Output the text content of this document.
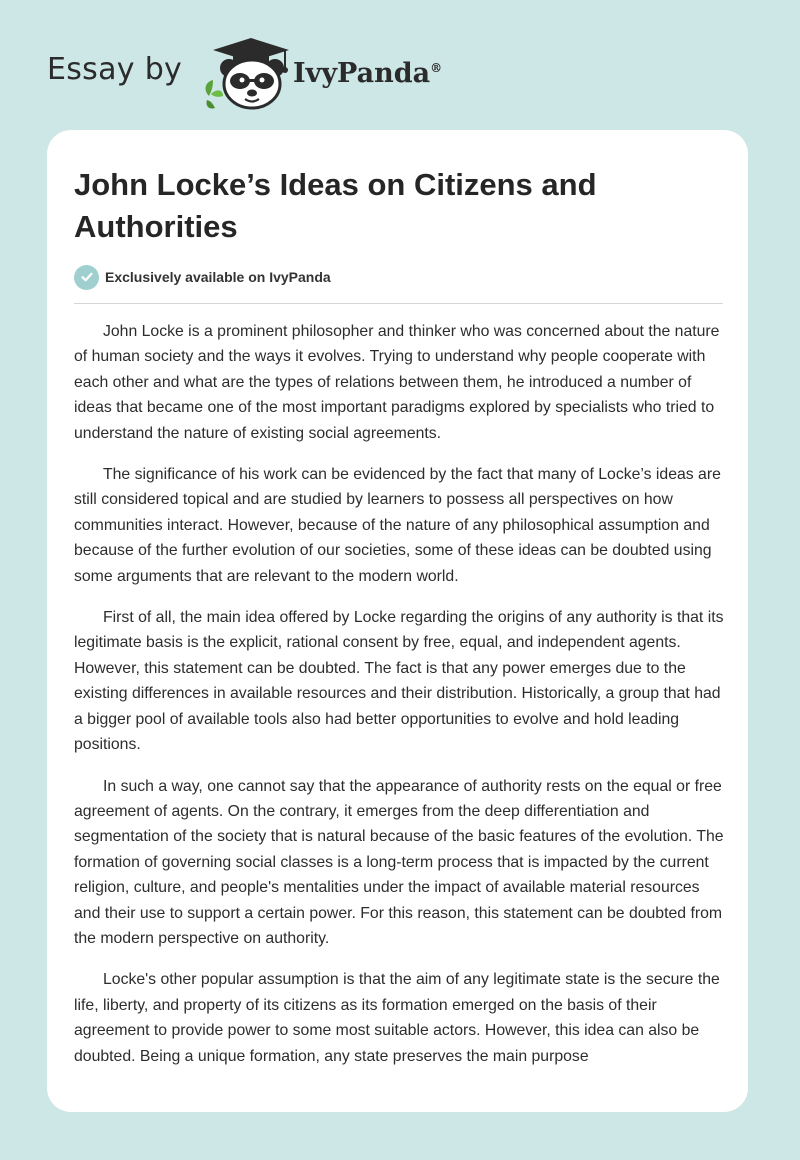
Essay by	IvyPanda®
John Locke’s Ideas on Citizens and Authorities
Exclusively available on IvyPanda

John Locke is a prominent philosopher and thinker who was concerned about the nature of human society and the ways it evolves. Trying to understand why people cooperate with each other and what are the types of relations between them, he introduced a number of ideas that became one of the most important paradigms explored by specialists who tried to understand the nature of existing social agreements.

The significance of his work can be evidenced by the fact that many of Locke’s ideas are still considered topical and are studied by learners to possess all perspectives on how communities interact. However, because of the nature of any philosophical assumption and because of the further evolution of our societies, some of these ideas can be doubted using some arguments that are relevant to the modern world.

First of all, the main idea offered by Locke regarding the origins of any authority is that its legitimate basis is the explicit, rational consent by free, equal, and independent agents. However, this statement can be doubted. The fact is that any power emerges due to the existing differences in available resources and their distribution. Historically, a group that had a bigger pool of available tools also had better opportunities to evolve and hold leading positions.

In such a way, one cannot say that the appearance of authority rests on the equal or free agreement of agents. On the contrary, it emerges from the deep differentiation and segmentation of the society that is natural because of the basic features of the evolution. The formation of governing social classes is a long-term process that is impacted by the current religion, culture, and people's mentalities under the impact of available material resources and their use to support a certain power. For this reason, this statement can be doubted from the modern perspective on authority.

Locke's other popular assumption is that the aim of any legitimate state is the secure the life, liberty, and property of its citizens as its formation emerged on the basis of their agreement to provide power to some most suitable actors. However, this idea can also be doubted. Being a unique formation, any state preserves the main purpose
